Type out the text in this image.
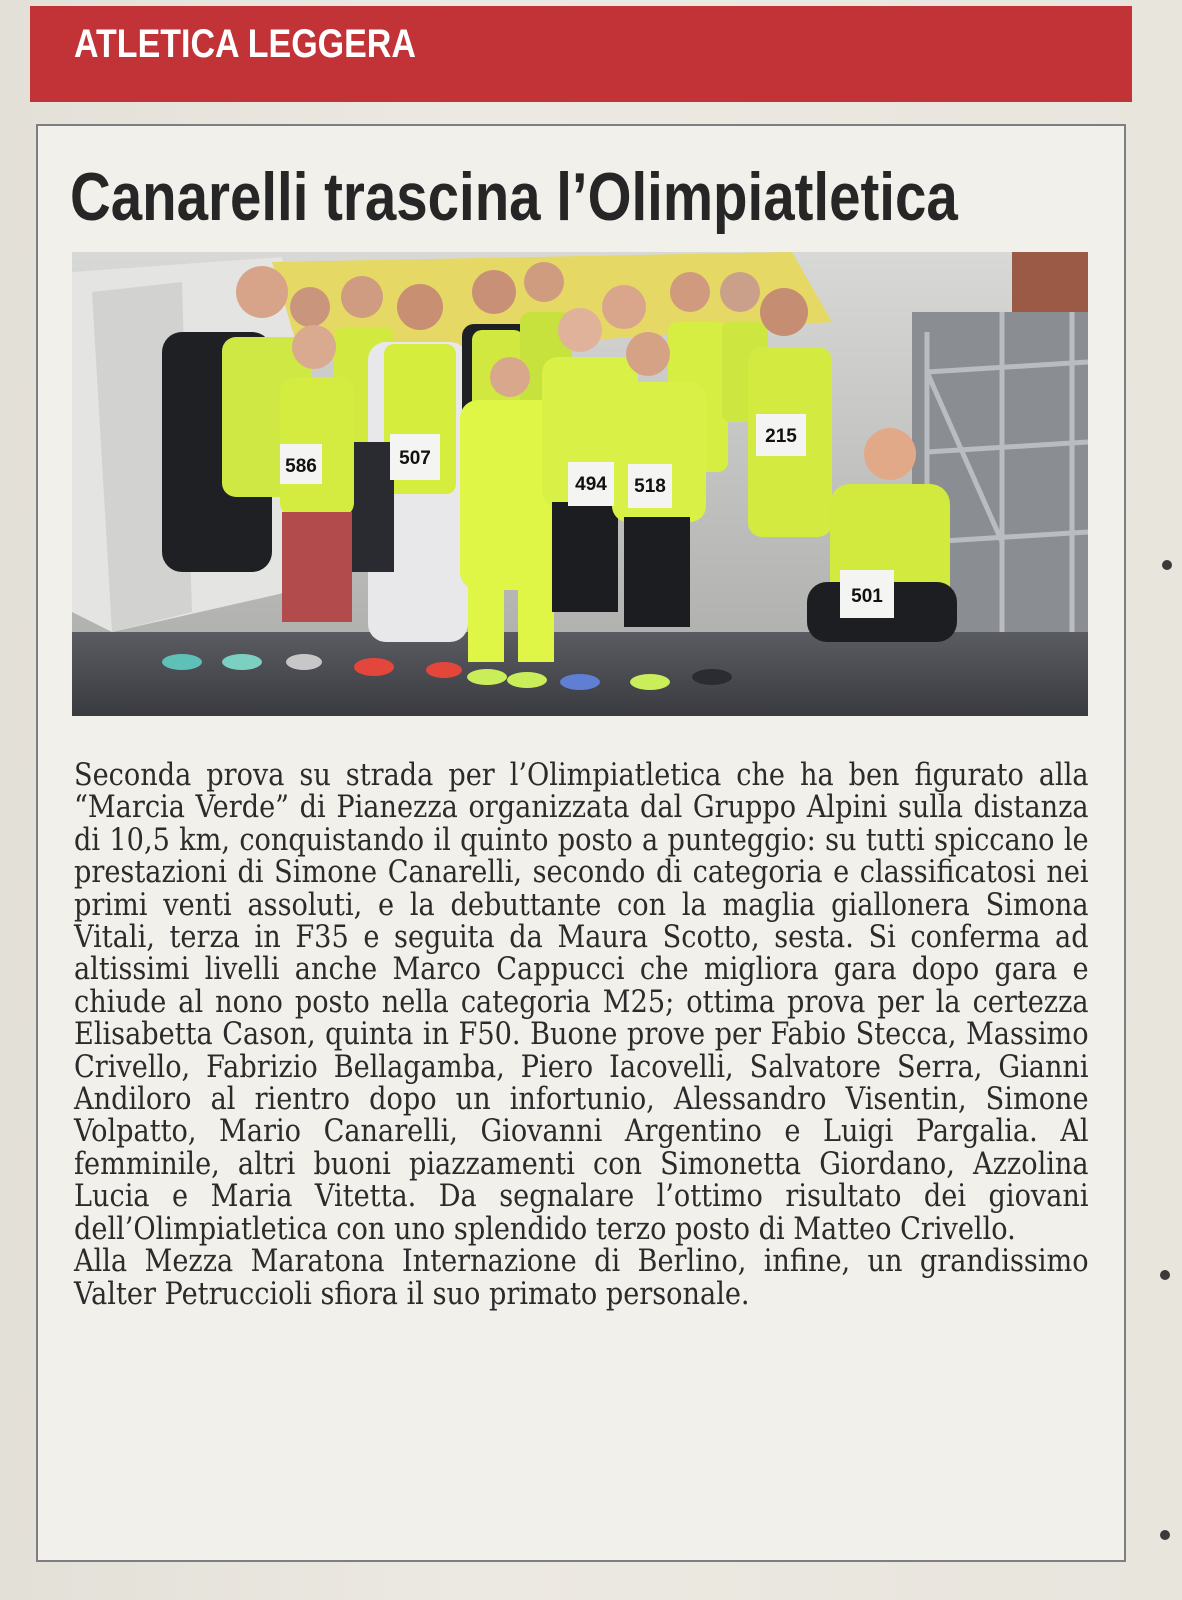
ATLETICA LEGGERA
Canarelli trascina l’Olimpiatletica
586	507
494 518
215
501

Seconda prova su strada per l’Olimpiatletica che ha ben figurato alla “Marcia Verde” di Pianezza organizzata dal Gruppo Alpini sulla distanza di 10,5 km, conquistando il quinto posto a punteggio: su tutti spiccano le prestazioni di Simone Canarelli, secondo di categoria e classificatosi nei primi venti assoluti, e la debuttante con la maglia giallonera Simona Vitali, terza in F35 e seguita da Maura Scotto, sesta. Si conferma ad altissimi livelli anche Marco Cappucci che migliora gara dopo gara e chiude al nono posto nella categoria M25; ottima prova per la certezza Elisabetta Cason, quinta in F50. Buone prove per Fabio Stecca, Massimo Crivello, Fabrizio Bellagamba, Piero Iacovelli, Salvatore Serra, Gianni Andiloro al rientro dopo un infortunio, Alessandro Visentin, Simone Volpatto, Mario Canarelli, Giovanni Argentino e Luigi Pargalia. Al femminile, altri buoni piazzamenti con Simonetta Giordano, Azzolina Lucia e Maria Vitetta. Da segnalare l’ottimo risultato dei giovani dell’Olimpiatletica con uno splendido terzo posto di Matteo Crivello.

Alla Mezza Maratona Internazione di Berlino, infine, un grandissimo Valter Petruccioli sfiora il suo primato personale.
